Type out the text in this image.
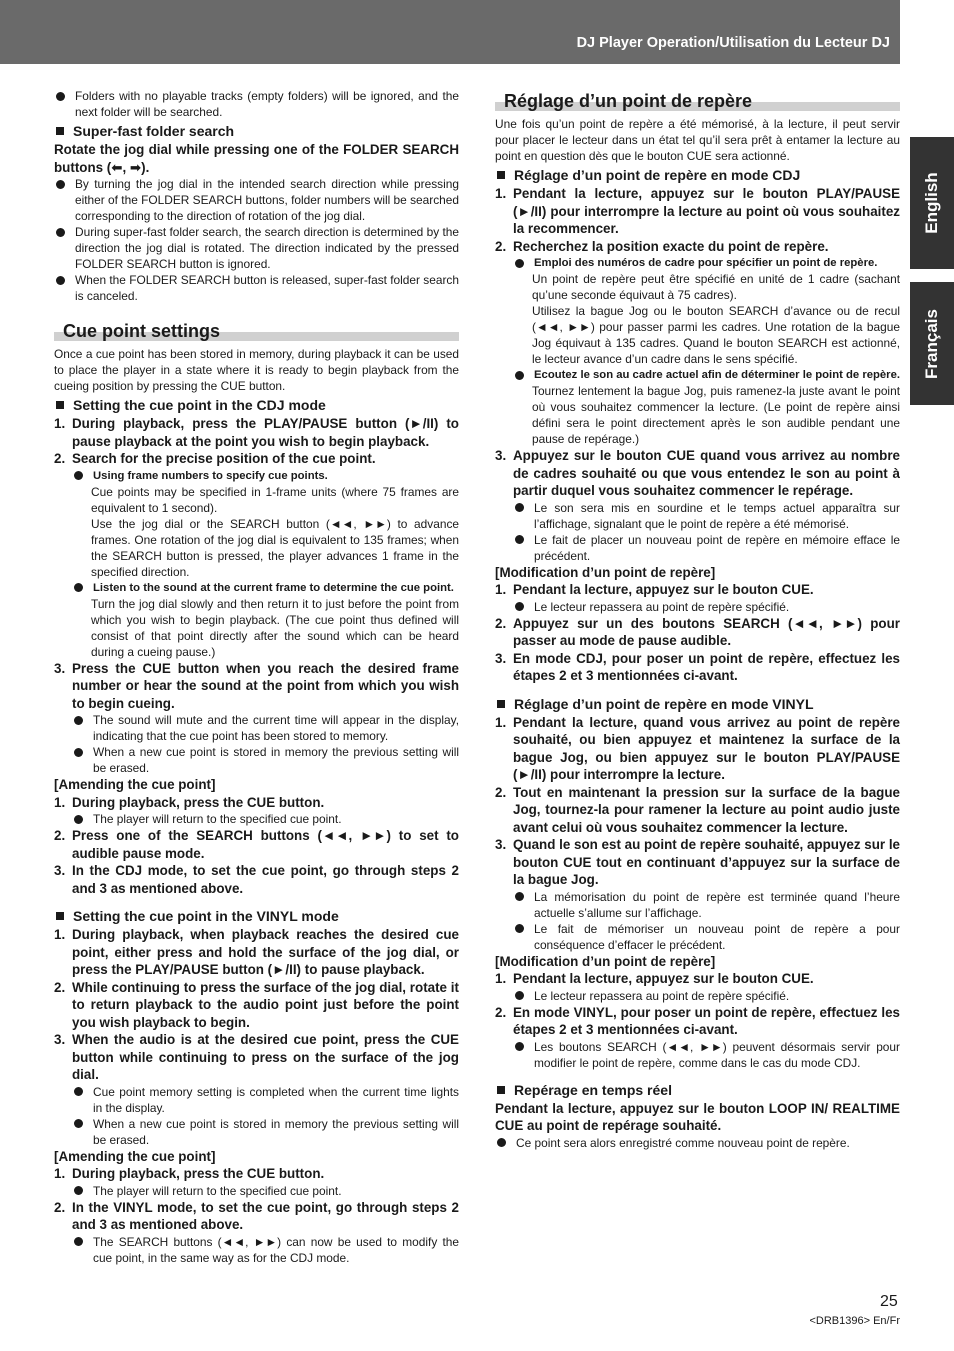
DJ Player Operation/Utilisation du Lecteur DJ
English
Français
Folders with no playable tracks (empty folders) will be ignored, and the next folder will be searched.
Super-fast folder search

Rotate the jog dial while pressing one of the FOLDER SEARCH buttons (⬅, ➡).

By turning the jog dial in the intended search direction while pressing either of the FOLDER SEARCH buttons, folder numbers will be searched corresponding to the direction of rotation of the jog dial.
During super-fast folder search, the search direction is determined by the direction the jog dial is rotated. The direction indicated by the pressed FOLDER SEARCH button is ignored.
When the FOLDER SEARCH button is released, super-fast folder search is canceled.
Cue point settings

Once a cue point has been stored in memory, during playback it can be used to place the player in a state where it is ready to begin playback from the cueing position by pressing the CUE button.

Setting the cue point in the CDJ mode
1. During playback, press the PLAY/PAUSE button (►/II) to pause playback at the point you wish to begin playback.
2. Search for the precise position of the cue point.
Using frame numbers to specify cue points.

Cue points may be specified in 1-frame units (where 75 frames are equivalent to 1 second).

Use the jog dial or the SEARCH button (◄◄, ►►) to advance frames. One rotation of the jog dial is equivalent to 135 frames; when the SEARCH button is pressed, the player advances 1 frame in the specified direction.

Listen to the sound at the current frame to determine the cue point.

Turn the jog dial slowly and then return it to just before the point from which you wish to begin playback. (The cue point thus defined will consist of that point directly after the sound which can be heard during a cueing pause.)

3. Press the CUE button when you reach the desired frame number or hear the sound at the point from which you wish to begin cueing.
The sound will mute and the current time will appear in the display, indicating that the cue point has been stored to memory.
When a new cue point is stored in memory the previous setting will be erased.
[Amending the cue point]
1. During playback, press the CUE button.
The player will return to the specified cue point.
2. Press one of the SEARCH buttons (◄◄, ►►) to set to audible pause mode.
3. In the CDJ mode, to set the cue point, go through steps 2 and 3 as mentioned above.
Setting the cue point in the VINYL mode
1. During playback, when playback reaches the desired cue point, either press and hold the surface of the jog dial, or press the PLAY/PAUSE button (►/II) to pause playback.
2. While continuing to press the surface of the jog dial, rotate it to return playback to the audio point just before the point you wish playback to begin.
3. When the audio is at the desired cue point, press the CUE button while continuing to press on the surface of the jog dial.
Cue point memory setting is completed when the current time lights in the display.
When a new cue point is stored in memory the previous setting will be erased.
[Amending the cue point]
1. During playback, press the CUE button.
The player will return to the specified cue point.
2. In the VINYL mode, to set the cue point, go through steps 2 and 3 as mentioned above.
The SEARCH buttons (◄◄, ►►) can now be used to modify the cue point, in the same way as for the CDJ mode.
Réglage d’un point de repère

Une fois qu’un point de repère a été mémorisé, à la lecture, il peut servir pour placer le lecteur dans un état tel qu’il sera prêt à entamer la lecture au point en question dès que le bouton CUE sera actionné.

Réglage d’un point de repère en mode CDJ
1. Pendant la lecture, appuyez sur le bouton PLAY/PAUSE (►/II) pour interrompre la lecture au point où vous souhaitez la recommencer.
2. Recherchez la position exacte du point de repère.
Emploi des numéros de cadre pour spécifier un point de repère.

Un point de repère peut être spécifié en unité de 1 cadre (sachant qu’une seconde équivaut à 75 cadres).

Utilisez la bague Jog ou le bouton SEARCH d’avance ou de recul (◄◄, ►►) pour passer parmi les cadres. Une rotation de la bague Jog équivaut à 135 cadres. Quand le bouton SEARCH est actionné, le lecteur avance d’un cadre dans le sens spécifié.

Ecoutez le son au cadre actuel afin de déterminer le point de repère.

Tournez lentement la bague Jog, puis ramenez-la juste avant le point où vous souhaitez commencer la lecture. (Le point de repère ainsi défini sera le point directement après le son audible pendant une pause de repérage.)

3. Appuyez sur le bouton CUE quand vous arrivez au nombre de cadres souhaité ou que vous entendez le son au point à partir duquel vous souhaitez commencer le repérage.
Le son sera mis en sourdine et le temps actuel apparaîtra sur l’affichage, signalant que le point de repère a été mémorisé.
Le fait de placer un nouveau point de repère en mémoire efface le précédent.
[Modification d’un point de repère]
1. Pendant la lecture, appuyez sur le bouton CUE.
Le lecteur repassera au point de repère spécifié.
2. Appuyez sur un des boutons SEARCH (◄◄, ►►) pour passer au mode de pause audible.
3. En mode CDJ, pour poser un point de repère, effectuez les étapes 2 et 3 mentionnées ci-avant.
Réglage d’un point de repère en mode VINYL
1. Pendant la lecture, quand vous arrivez au point de repère souhaité, ou bien appuyez et maintenez la surface de la bague Jog, ou bien appuyez sur le bouton PLAY/PAUSE (►/II) pour interrompre la lecture.
2. Tout en maintenant la pression sur la surface de la bague Jog, tournez-la pour ramener la lecture au point audio juste avant celui où vous souhaitez commencer la lecture.
3. Quand le son est au point de repère souhaité, appuyez sur le bouton CUE tout en continuant d’appuyez sur la surface de la bague Jog.
La mémorisation du point de repère est terminée quand l’heure actuelle s’allume sur l’affichage.
Le fait de mémoriser un nouveau point de repère a pour conséquence d’effacer le précédent.
[Modification d’un point de repère]
1. Pendant la lecture, appuyez sur le bouton CUE.
Le lecteur repassera au point de repère spécifié.
2. En mode VINYL, pour poser un point de repère, effectuez les étapes 2 et 3 mentionnées ci-avant.
Les boutons SEARCH (◄◄, ►►) peuvent désormais servir pour modifier le point de repère, comme dans le cas du mode CDJ.
Repérage en temps réel

Pendant la lecture, appuyez sur le bouton LOOP IN/ REALTIME CUE au point de repérage souhaité.

Ce point sera alors enregistré comme nouveau point de repère.
25
<DRB1396> En/Fr
